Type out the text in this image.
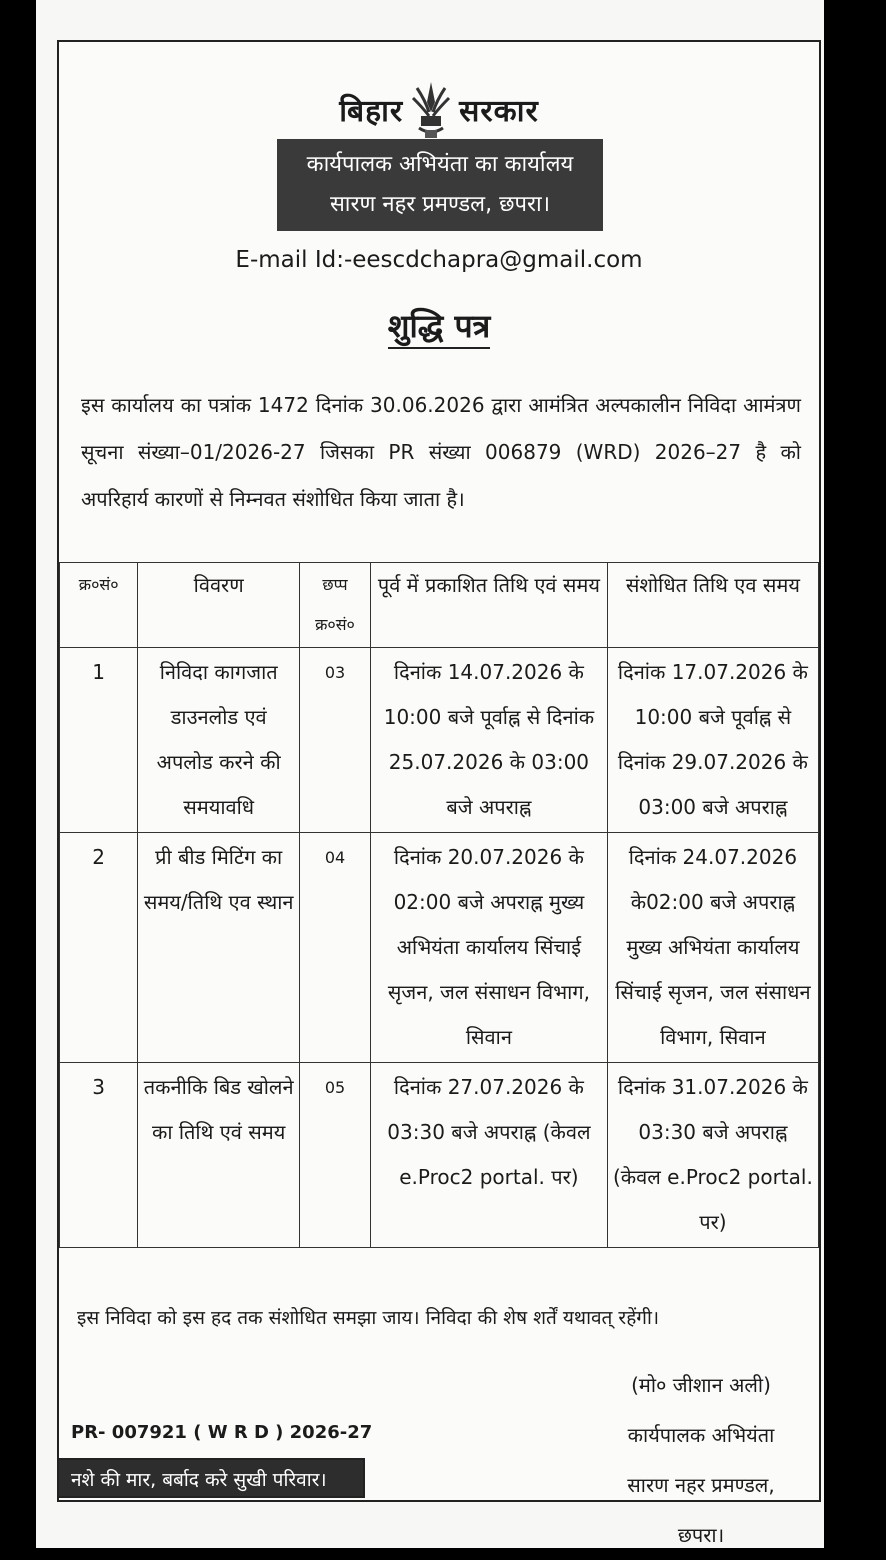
बिहार सरकार
कार्यपालक अभियंता का कार्यालय
सारण नहर प्रमण्डल, छपरा।
E-mail Id:-eescdchapra@gmail.com
शुद्धि पत्र
इस कार्यालय का पत्रांक 1472 दिनांक 30.06.2026 द्वारा आमंत्रित अल्पकालीन निविदा आमंत्रण सूचना संख्या–01/2026-27 जिसका PR संख्या 006879 (WRD) 2026–27 है को अपरिहार्य कारणों से निम्नवत संशोधित किया जाता है।
क्र०सं०	विवरण	छप्प क्र०सं०	पूर्व में प्रकाशित तिथि एवं समय	संशोधित तिथि एव समय
1	निविदा कागजात डाउनलोड एवं अपलोड करने की समयावधि	03	दिनांक 14.07.2026 के 10:00 बजे पूर्वाह्न से दिनांक 25.07.2026 के 03:00 बजे अपराह्न	दिनांक 17.07.2026 के 10:00 बजे पूर्वाह्न से दिनांक 29.07.2026 के 03:00 बजे अपराह्न
2	प्री बीड मिटिंग का समय/तिथि एव स्थान	04	दिनांक 20.07.2026 के 02:00 बजे अपराह्न मुख्य अभियंता कार्यालय सिंचाई सृजन, जल संसाधन विभाग, सिवान	दिनांक 24.07.2026 के02:00 बजे अपराह्न मुख्य अभियंता कार्यालय सिंचाई सृजन, जल संसाधन विभाग, सिवान
3	तकनीकि बिड खोलने का तिथि एवं समय	05	दिनांक 27.07.2026 के 03:30 बजे अपराह्न (केवल e.Proc2 portal. पर)	दिनांक 31.07.2026 के 03:30 बजे अपराह्न (केवल e.Proc2 portal. पर)
इस निविदा को इस हद तक संशोधित समझा जाय। निविदा की शेष शर्तें यथावत् रहेंगी।
PR- 007921 ( W R D ) 2026-27
नशे की मार, बर्बाद करे सुखी परिवार।
(मो० जीशान अली)
कार्यपालक अभियंता
सारण नहर प्रमण्डल, छपरा।
